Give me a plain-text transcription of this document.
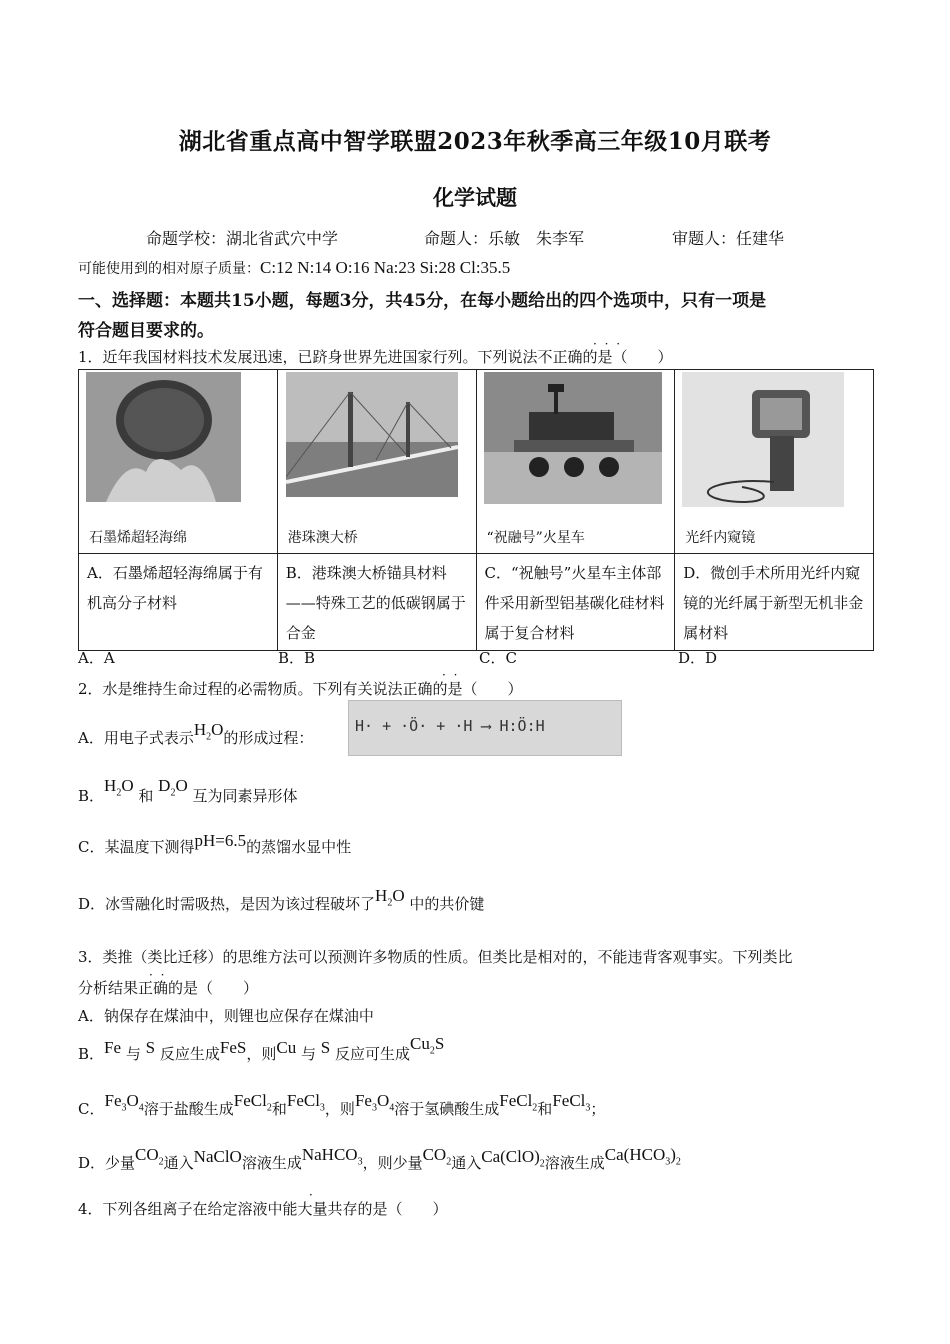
湖北省重点高中智学联盟2023年秋季高三年级10月联考
化学试题
命题学校：湖北省武穴中学	命题人：乐敏　朱李军	审题人：任建华
可能使用到的相对原子质量：C:12 N:14 O:16 Na:23 Si:28 Cl:35.5
一、选择题：本题共15小题，每题3分，共45分，在每小题给出的四个选项中，只有一项是
符合题目要求的。
1．近年我国材料技术发展迅速，已跻身世界先进国家行列。下列说法不正确的是（　　）
· · ·
石墨烯超轻海绵	港珠澳大桥	“祝融号”火星车	光纤内窥镜

A．石墨烯超轻海绵属于有机高分子材料	B．港珠澳大桥锚具材料——特殊工艺的低碳钢属于合金	C．“祝触号”火星车主体部件采用新型铝基碳化硅材料属于复合材料	D．微创手术所用光纤内窥镜的光纤属于新型无机非金属材料
A．A	B．B	C．C	D．D
2．水是维持生命过程的必需物质。下列有关说法正确的是（　　）
· ·
A．用电子式表示$H_2O$的形成过程：
H· + ·Ö· + ·H ⟶ H:Ö:H
B．$H_2O$ 和 $D_2O$ 互为同素异形体
C．某温度下测得pH=6.5的蒸馏水显中性
D．冰雪融化时需吸热，是因为该过程破坏了$H_2O$ 中的共价键
3．类推（类比迁移）的思维方法可以预测许多物质的性质。但类比是相对的，不能违背客观事实。下列类比
分析结果正确的是（　　）
· ·
A．钠保存在煤油中，则锂也应保存在煤油中
B．Fe 与 S 反应生成FeS，则Cu 与 S 反应可生成$Cu_2S$
C．$Fe_3O_4$溶于盐酸生成FeCl$_2$和FeCl$_3$，则$Fe_3O_4$溶于氢碘酸生成FeCl$_2$和FeCl$_3$；
D．少量$CO_2$通入NaClO溶液生成NaHCO$_3$，则少量$CO_2$通入$Ca(ClO)_2$溶液生成$Ca(HCO_3)_2$
4．下列各组离子在给定溶液中能大量共存的是（　　）
·
